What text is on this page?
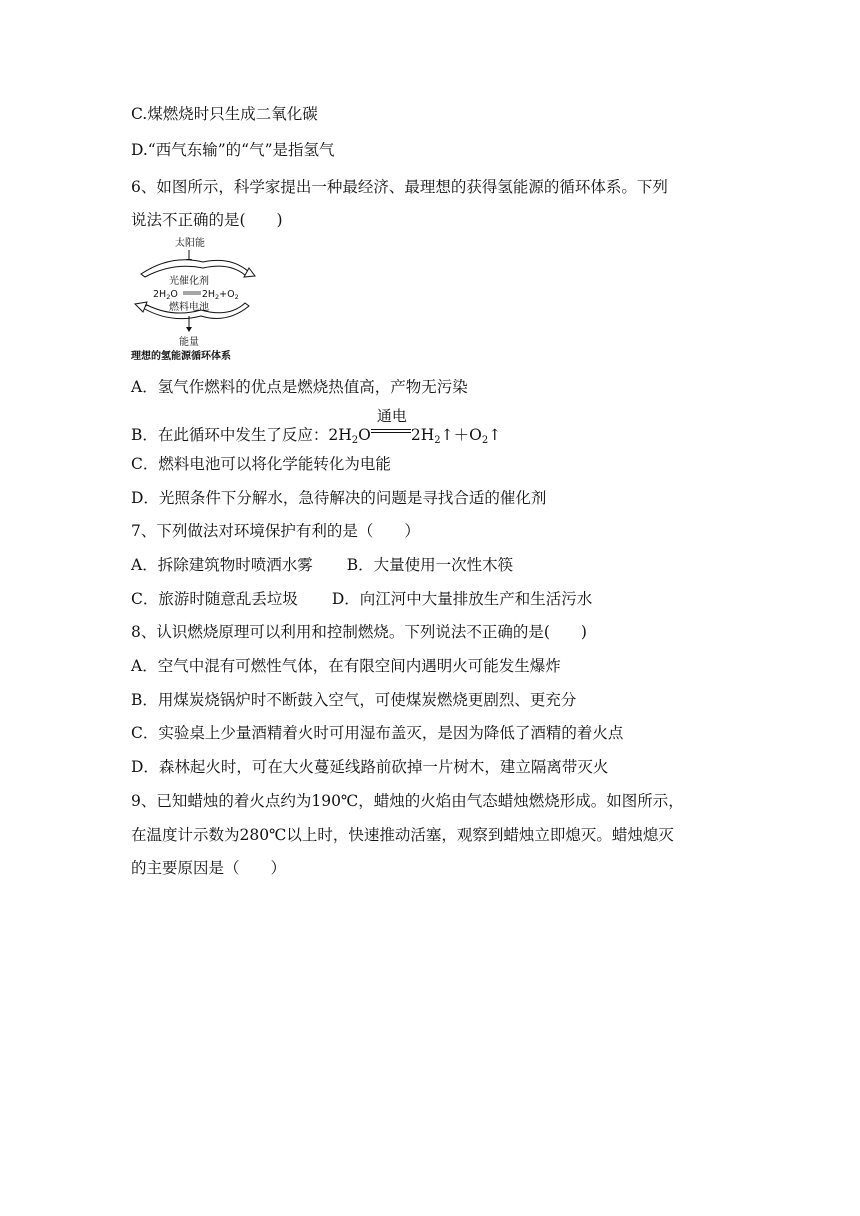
C.煤燃烧时只生成二氧化碳
D.“西气东输”的“气”是指氢气
6、如图所示，科学家提出一种最经济、最理想的获得氢能源的循环体系。下列
说法不正确的是(　　)
太阳能
光催化剂
$2H_2O$	$2H_2+O_2$
燃料电池
能量
理想的氢能源循环体系
A．氢气作燃料的优点是燃烧热值高，产物无污染
B．在此循环中发生了反应：$2H_2O$
通电
$2H_2↑+O_2↑$
C．燃料电池可以将化学能转化为电能
D．光照条件下分解水，急待解决的问题是寻找合适的催化剂
7、下列做法对环境保护有利的是（　　）
A．拆除建筑物时喷洒水雾 B．大量使用一次性木筷
C．旅游时随意乱丢垃圾 D．向江河中大量排放生产和生活污水
8、认识燃烧原理可以利用和控制燃烧。下列说法不正确的是(　　)
A．空气中混有可燃性气体，在有限空间内遇明火可能发生爆炸
B．用煤炭烧锅炉时不断鼓入空气，可使煤炭燃烧更剧烈、更充分
C．实验桌上少量酒精着火时可用湿布盖灭，是因为降低了酒精的着火点
D．森林起火时，可在大火蔓延线路前砍掉一片树木，建立隔离带灭火
9、已知蜡烛的着火点约为190℃，蜡烛的火焰由气态蜡烛燃烧形成。如图所示，
在温度计示数为280℃以上时，快速推动活塞，观察到蜡烛立即熄灭。蜡烛熄灭
的主要原因是（　　）
